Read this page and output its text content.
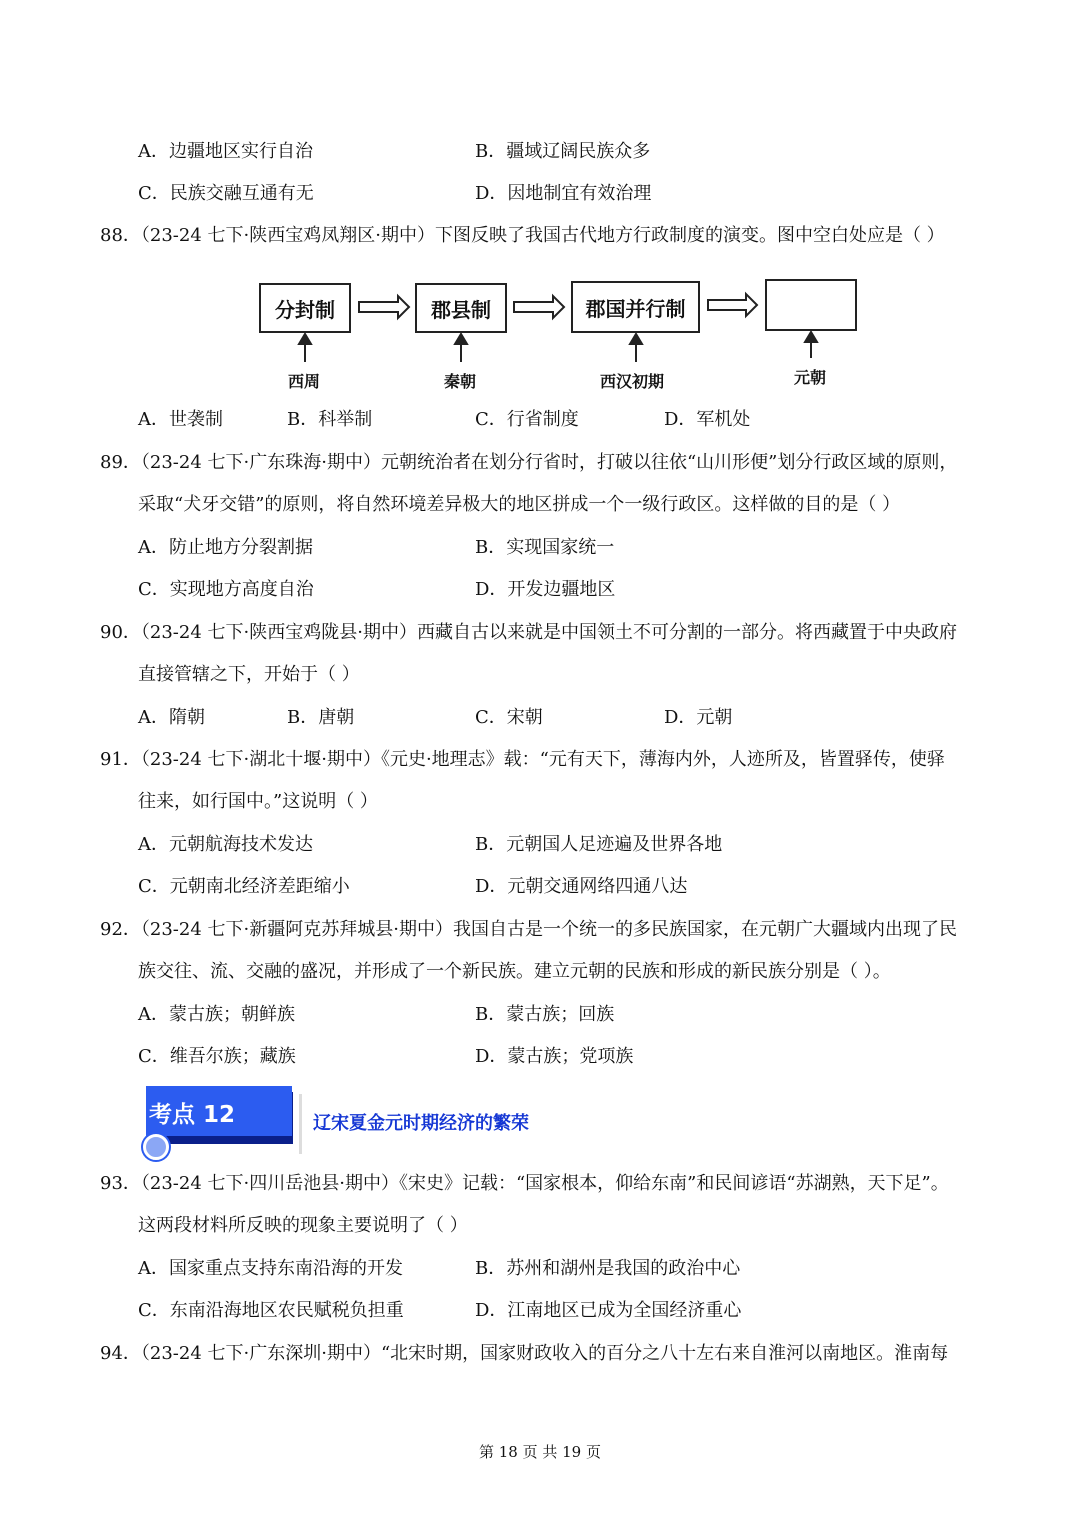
A．边疆地区实行自治	B．疆域辽阔民族众多
C．民族交融互通有无	D．因地制宜有效治理
88．（23-24 七下·陕西宝鸡凤翔区·期中）下图反映了我国古代地方行政制度的演变。图中空白处应是（ ）
分封制	郡县制	郡国并行制
西周	秦朝	西汉初期	元朝
A．世袭制	B．科举制	C．行省制度	D．军机处
89．（23-24 七下·广东珠海·期中）元朝统治者在划分行省时，打破以往依“山川形便”划分行政区域的原则，
采取“犬牙交错”的原则，将自然环境差异极大的地区拼成一个一级行政区。这样做的目的是（ ）
A．防止地方分裂割据	B．实现国家统一
C．实现地方高度自治	D．开发边疆地区
90．（23-24 七下·陕西宝鸡陇县·期中）西藏自古以来就是中国领土不可分割的一部分。将西藏置于中央政府
直接管辖之下，开始于（ ）
A．隋朝	B．唐朝	C．宋朝	D．元朝
91．（23-24 七下·湖北十堰·期中）《元史·地理志》载：“元有天下，薄海内外，人迹所及，皆置驿传，使驿
往来，如行国中。”这说明（ ）
A．元朝航海技术发达	B．元朝国人足迹遍及世界各地
C．元朝南北经济差距缩小	D．元朝交通网络四通八达
92．（23-24 七下·新疆阿克苏拜城县·期中）我国自古是一个统一的多民族国家，在元朝广大疆域内出现了民
族交往、流、交融的盛况，并形成了一个新民族。建立元朝的民族和形成的新民族分别是（ ）。
A．蒙古族；朝鲜族	B．蒙古族；回族
C．维吾尔族；藏族	D．蒙古族；党项族
考点 12	辽宋夏金元时期经济的繁荣
93．（23-24 七下·四川岳池县·期中）《宋史》记载：“国家根本，仰给东南”和民间谚语“苏湖熟，天下足”。
这两段材料所反映的现象主要说明了（ ）
A．国家重点支持东南沿海的开发	B．苏州和湖州是我国的政治中心
C．东南沿海地区农民赋税负担重	D．江南地区已成为全国经济重心
94．（23-24 七下·广东深圳·期中）“北宋时期，国家财政收入的百分之八十左右来自淮河以南地区。淮南每
第 18 页 共 19 页
